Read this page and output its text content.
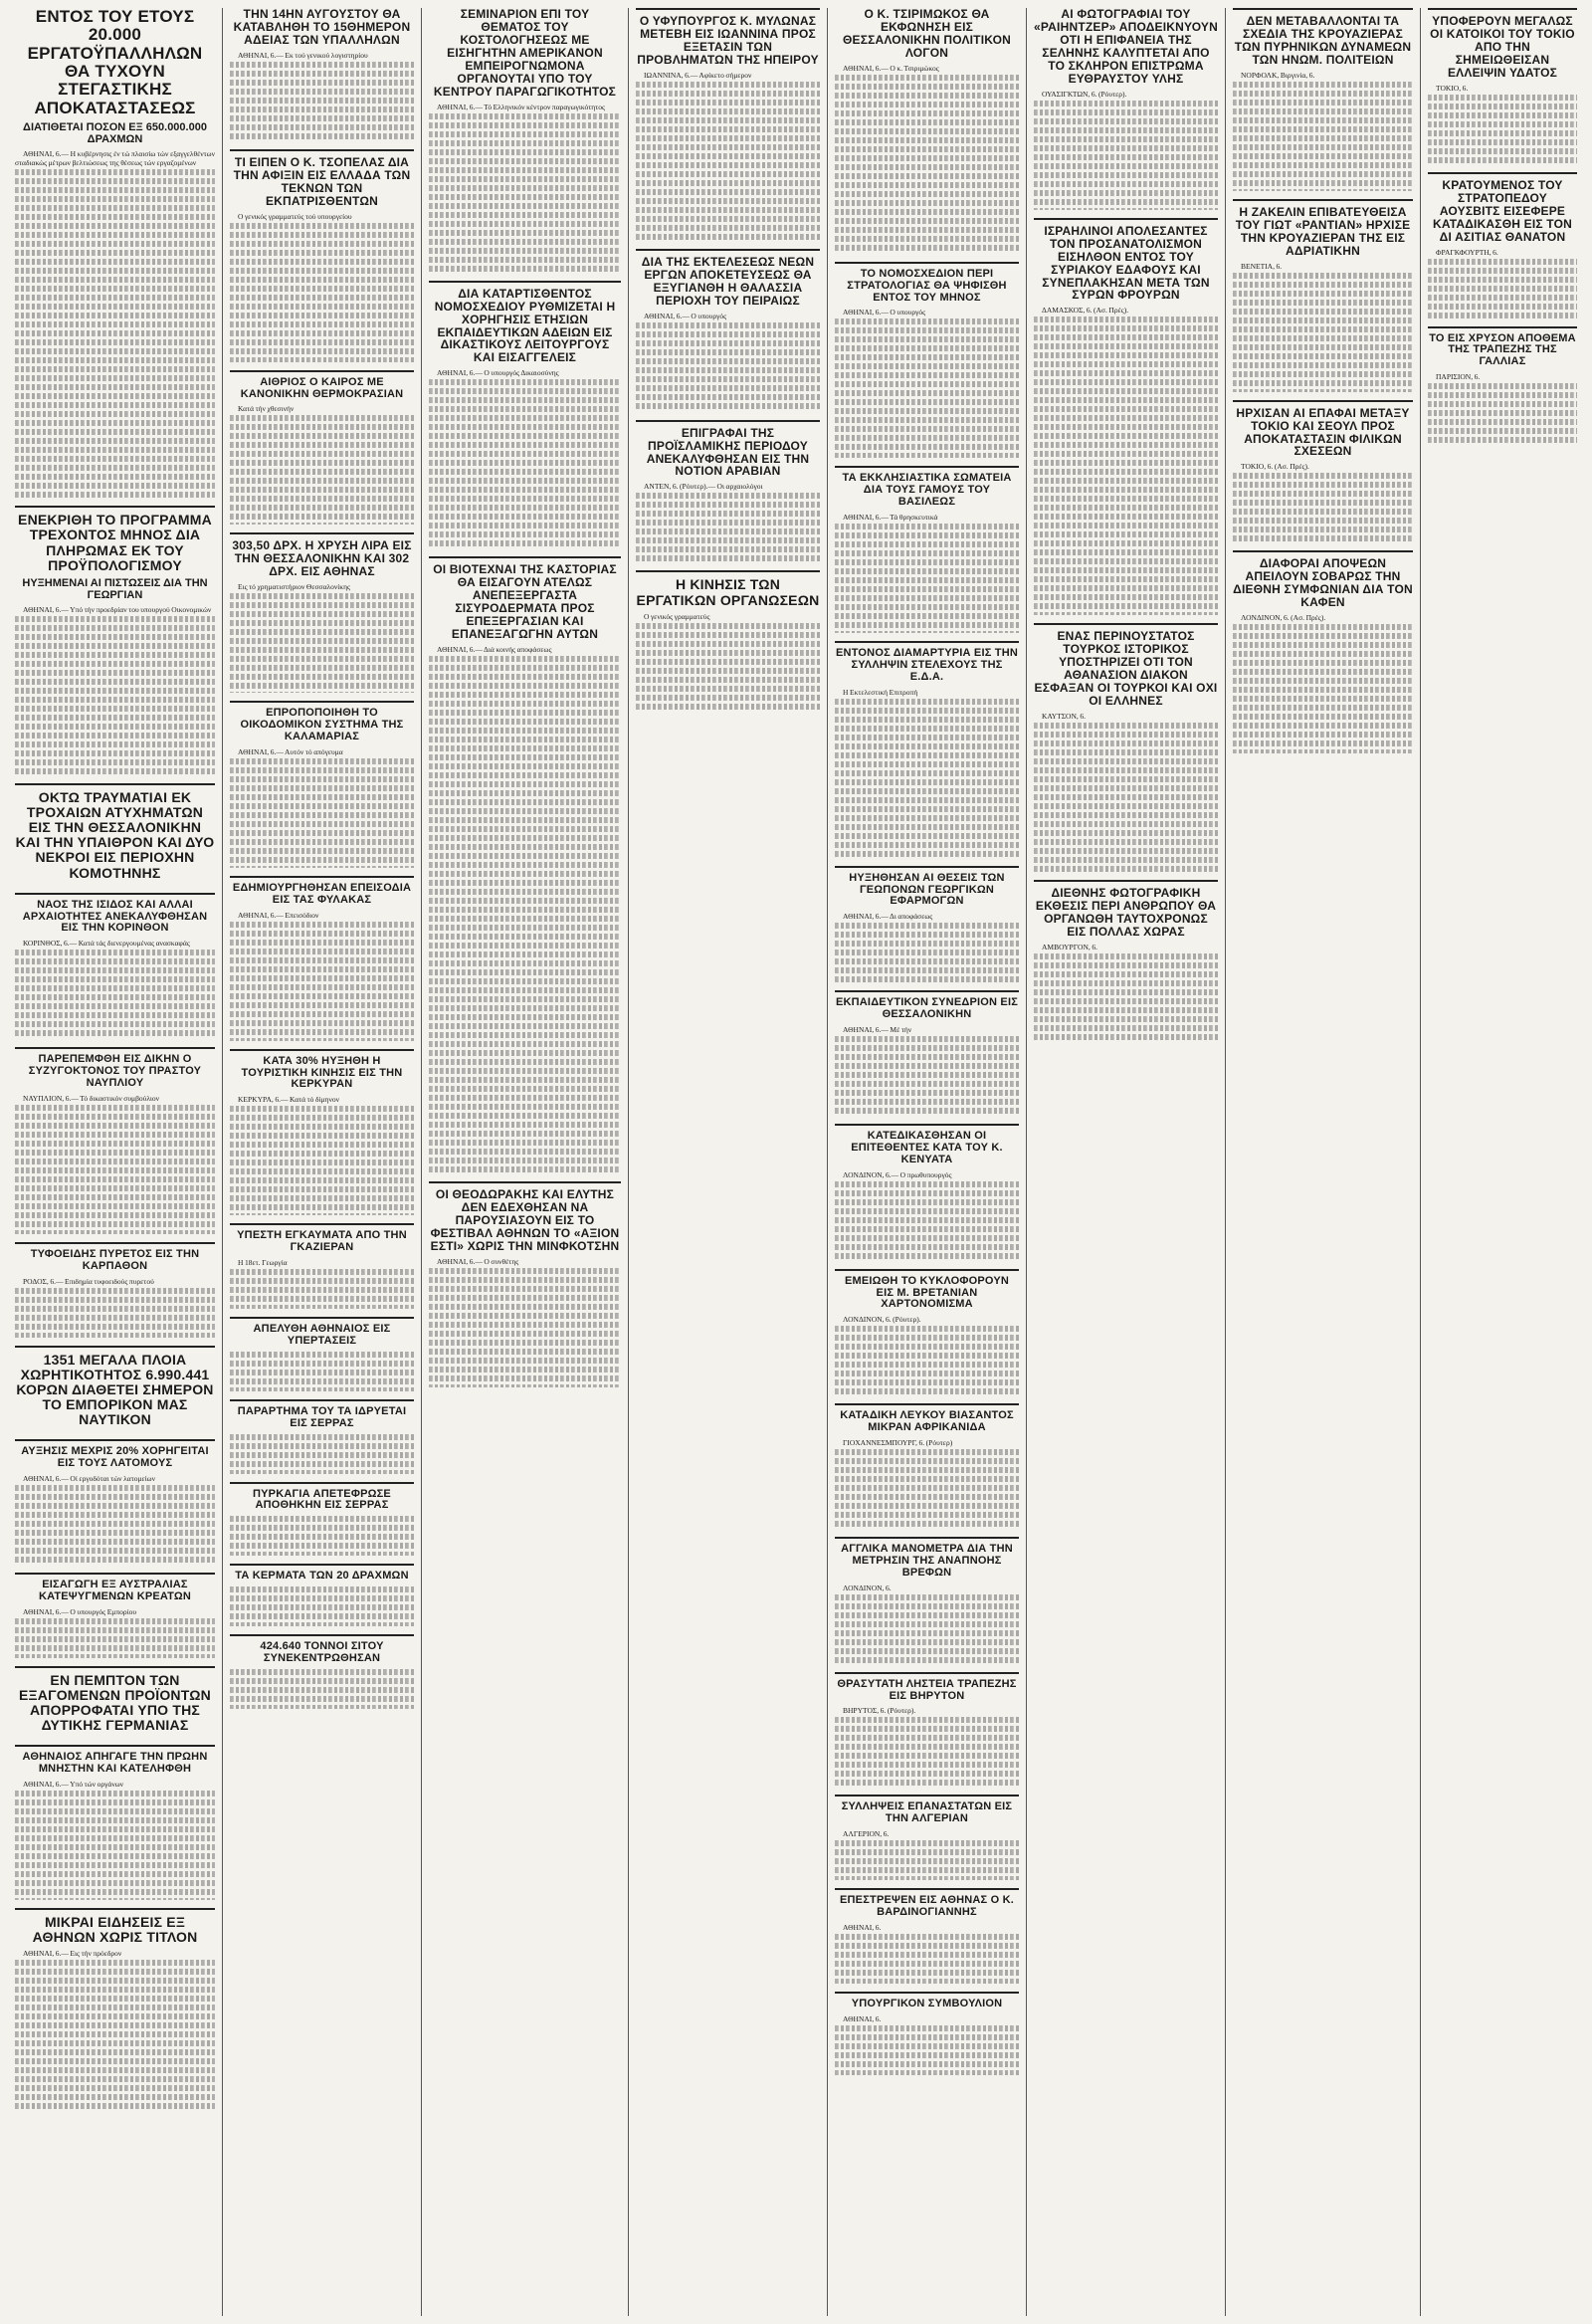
ΕΝΤΟΣ ΤΟΥ ΕΤΟΥΣ 20.000 ΕΡΓΑΤΟΫΠΑΛΛΗΛΩΝ ΘΑ ΤΥΧΟΥΝ ΣΤΕΓΑΣΤΙΚΗΣ ΑΠΟΚΑΤΑΣΤΑΣΕΩΣ
ΔΙΑΤΙΘΕΤΑΙ ΠΟΣΟΝ ΕΞ 650.000.000 ΔΡΑΧΜΩΝ
ΑΘΗΝΑΙ, 6.— Η κυβέρνησις έν τώ πλαισίω τών εξαγγελθέντων σταδιακώς μέτρων βελτιώσεως της θέσεως τών εργαζομένων
ΕΝΕΚΡΙΘΗ ΤΟ ΠΡΟΓΡΑΜΜΑ ΤΡΕΧΟΝΤΟΣ ΜΗΝΟΣ ΔΙΑ ΠΛΗΡΩΜΑΣ ΕΚ ΤΟΥ ΠΡΟΫΠΟΛΟΓΙΣΜΟΥ
ΗΥΞΗΜΕΝΑΙ ΑΙ ΠΙΣΤΩΣΕΙΣ ΔΙΑ ΤΗΝ ΓΕΩΡΓΙΑΝ
ΑΘΗΝΑΙ, 6.— Υπό τήν προεδρίαν του υπουργού Οικονομικών
ΟΚΤΩ ΤΡΑΥΜΑΤΙΑΙ ΕΚ ΤΡΟΧΑΙΩΝ ΑΤΥΧΗΜΑΤΩΝ ΕΙΣ ΤΗΝ ΘΕΣΣΑΛΟΝΙΚΗΝ ΚΑΙ ΤΗΝ ΥΠΑΙΘΡΟΝ ΚΑΙ ΔΥΟ ΝΕΚΡΟΙ ΕΙΣ ΠΕΡΙΟΧΗΝ ΚΟΜΟΤΗΝΗΣ
ΝΑΟΣ ΤΗΣ ΙΣΙΔΟΣ ΚΑΙ ΑΛΛΑΙ ΑΡΧΑΙΟΤΗΤΕΣ ΑΝΕΚΑΛΥΦΘΗΣΑΝ ΕΙΣ ΤΗΝ ΚΟΡΙΝΘΟΝ
ΚΟΡΙΝΘΟΣ, 6.— Κατά τάς διενεργουμένας ανασκαφάς
ΠΑΡΕΠΕΜΦΘΗ ΕΙΣ ΔΙΚΗΝ Ο ΣΥΖΥΓΟΚΤΟΝΟΣ ΤΟΥ ΠΡΑΣΤΟΥ ΝΑΥΠΛΙΟΥ
ΝΑΥΠΛΙΟΝ, 6.— Τό δικαστικόν συμβούλιον
ΤΥΦΟΕΙΔΗΣ ΠΥΡΕΤΟΣ ΕΙΣ ΤΗΝ ΚΑΡΠΑΘΟΝ
ΡΟΔΟΣ, 6.— Επιδημία τυφοειδούς πυρετού
1351 ΜΕΓΑΛΑ ΠΛΟΙΑ ΧΩΡΗΤΙΚΟΤΗΤΟΣ 6.990.441 ΚΟΡΩΝ ΔΙΑΘΕΤΕΙ ΣΗΜΕΡΟΝ ΤΟ ΕΜΠΟΡΙΚΟΝ ΜΑΣ ΝΑΥΤΙΚΟΝ
ΑΥΞΗΣΙΣ ΜΕΧΡΙΣ 20% ΧΟΡΗΓΕΙΤΑΙ ΕΙΣ ΤΟΥΣ ΛΑΤΟΜΟΥΣ
ΑΘΗΝΑΙ, 6.— Οί εργοδόται τών λατομείων
ΕΙΣΑΓΩΓΗ ΕΞ ΑΥΣΤΡΑΛΙΑΣ ΚΑΤΕΨΥΓΜΕΝΩΝ ΚΡΕΑΤΩΝ
ΑΘΗΝΑΙ, 6.— Ο υπουργός Εμπορίου
ΕΝ ΠΕΜΠΤΟΝ ΤΩΝ ΕΞΑΓΟΜΕΝΩΝ ΠΡΟΪΟΝΤΩΝ ΑΠΟΡΡΟΦΑΤΑΙ ΥΠΟ ΤΗΣ ΔΥΤΙΚΗΣ ΓΕΡΜΑΝΙΑΣ
ΑΘΗΝΑΙΟΣ ΑΠΗΓΑΓΕ ΤΗΝ ΠΡΩΗΝ ΜΝΗΣΤΗΝ ΚΑΙ ΚΑΤΕΛΗΦΘΗ
ΑΘΗΝΑΙ, 6.— Υπό τών οργάνων
ΜΙΚΡΑΙ ΕΙΔΗΣΕΙΣ ΕΞ ΑΘΗΝΩΝ ΧΩΡΙΣ ΤΙΤΛΟΝ
ΑΘΗΝΑΙ, 6.— Εις τήν πρόεδρον
ΤΗΝ 14ΗΝ ΑΥΓΟΥΣΤΟΥ ΘΑ ΚΑΤΑΒΛΗΘΗ ΤΟ 15ΘΗΜΕΡΟΝ ΑΔΕΙΑΣ ΤΩΝ ΥΠΑΛΛΗΛΩΝ
ΑΘΗΝΑΙ, 6.— Εκ τού γενικού λογιστηρίου
ΤΙ ΕΙΠΕΝ Ο Κ. ΤΣΟΠΕΛΑΣ ΔΙΑ ΤΗΝ ΑΦΙΞΙΝ ΕΙΣ ΕΛΛΑΔΑ ΤΩΝ ΤΕΚΝΩΝ ΤΩΝ ΕΚΠΑΤΡΙΣΘΕΝΤΩΝ
Ο γενικός γραμματεύς τού υπουργείου
ΑΙΘΡΙΟΣ Ο ΚΑΙΡΟΣ ΜΕ ΚΑΝΟΝΙΚΗΝ ΘΕΡΜΟΚΡΑΣΙΑΝ
Κατά τήν χθεσινήν
303,50 ΔΡΧ. Η ΧΡΥΣΗ ΛΙΡΑ ΕΙΣ ΤΗΝ ΘΕΣΣΑΛΟΝΙΚΗΝ ΚΑΙ 302 ΔΡΧ. ΕΙΣ ΑΘΗΝΑΣ
Εις τό χρηματιστήριον Θεσσαλονίκης
ΕΠΡΟΠΟΠΟΙΗΘΗ ΤΟ ΟΙΚΟΔΟΜΙΚΟΝ ΣΥΣΤΗΜΑ ΤΗΣ ΚΑΛΑΜΑΡΙΑΣ
ΑΘΗΝΑΙ, 6.— Αυτόν τό απόγευμα
ΕΔΗΜΙΟΥΡΓΗΘΗΣΑΝ ΕΠΕΙΣΟΔΙΑ ΕΙΣ ΤΑΣ ΦΥΛΑΚΑΣ
ΑΘΗΝΑΙ, 6.— Επεισόδιον
ΚΑΤΑ 30% ΗΥΞΗΘΗ Η ΤΟΥΡΙΣΤΙΚΗ ΚΙΝΗΣΙΣ ΕΙΣ ΤΗΝ ΚΕΡΚΥΡΑΝ
ΚΕΡΚΥΡΑ, 6.— Κατά τό δίμηνον
ΥΠΕΣΤΗ ΕΓΚΑΥΜΑΤΑ ΑΠΟ ΤΗΝ ΓΚΑΖΙΕΡΑΝ
Η 18ετ. Γεωργία
ΑΠΕΛΥΘΗ ΑΘΗΝΑΙΟΣ ΕΙΣ ΥΠΕΡΤΑΣΕΙΣ
ΠΑΡΑΡΤΗΜΑ ΤΟΥ ΤΑ ΙΔΡΥΕΤΑΙ ΕΙΣ ΣΕΡΡΑΣ
ΠΥΡΚΑΓΙΑ ΑΠΕΤΕΦΡΩΣΕ ΑΠΟΘΗΚΗΝ ΕΙΣ ΣΕΡΡΑΣ
ΤΑ ΚΕΡΜΑΤΑ ΤΩΝ 20 ΔΡΑΧΜΩΝ
424.640 ΤΟΝΝΟΙ ΣΙΤΟΥ ΣΥΝΕΚΕΝΤΡΩΘΗΣΑΝ
ΣΕΜΙΝΑΡΙΟΝ ΕΠΙ ΤΟΥ ΘΕΜΑΤΟΣ ΤΟΥ ΚΟΣΤΟΛΟΓΗΣΕΩΣ ΜΕ ΕΙΣΗΓΗΤΗΝ ΑΜΕΡΙΚΑΝΟΝ ΕΜΠΕΙΡΟΓΝΩΜΟΝΑ ΟΡΓΑΝΟΥΤΑΙ ΥΠΟ ΤΟΥ ΚΕΝΤΡΟΥ ΠΑΡΑΓΩΓΙΚΟΤΗΤΟΣ
ΑΘΗΝΑΙ, 6.— Τό Ελληνικόν κέντρον παραγωγικότητος
ΔΙΑ ΚΑΤΑΡΤΙΣΘΕΝΤΟΣ ΝΟΜΟΣΧΕΔΙΟΥ ΡΥΘΜΙΖΕΤΑΙ Η ΧΟΡΗΓΗΣΙΣ ΕΤΗΣΙΩΝ ΕΚΠΑΙΔΕΥΤΙΚΩΝ ΑΔΕΙΩΝ ΕΙΣ ΔΙΚΑΣΤΙΚΟΥΣ ΛΕΙΤΟΥΡΓΟΥΣ ΚΑΙ ΕΙΣΑΓΓΕΛΕΙΣ
ΑΘΗΝΑΙ, 6.— Ο υπουργός Δικαιοσύνης
ΟΙ ΒΙΟΤΕΧΝΑΙ ΤΗΣ ΚΑΣΤΟΡΙΑΣ ΘΑ ΕΙΣΑΓΟΥΝ ΑΤΕΛΩΣ ΑΝΕΠΕΞΕΡΓΑΣΤΑ ΣΙΣΥΡΟΔΕΡΜΑΤΑ ΠΡΟΣ ΕΠΕΞΕΡΓΑΣΙΑΝ ΚΑΙ ΕΠΑΝΕΞΑΓΩΓΗΝ ΑΥΤΩΝ
ΑΘΗΝΑΙ, 6.— Διά κοινής αποφάσεως
ΟΙ ΘΕΟΔΩΡΑΚΗΣ ΚΑΙ ΕΛΥΤΗΣ ΔΕΝ ΕΔΕΧΘΗΣΑΝ ΝΑ ΠΑΡΟΥΣΙΑΣΟΥΝ ΕΙΣ ΤΟ ΦΕΣΤΙΒΑΛ ΑΘΗΝΩΝ ΤΟ «ΑΞΙΟΝ ΕΣΤΙ» ΧΩΡΙΣ ΤΗΝ ΜΙΝΦΚΟΤΣΗΝ
ΑΘΗΝΑΙ, 6.— Ο συνθέτης
Ο ΥΦΥΠΟΥΡΓΟΣ Κ. ΜΥΛΩΝΑΣ ΜΕΤΕΒΗ ΕΙΣ ΙΩΑΝΝΙΝΑ ΠΡΟΣ ΕΞΕΤΑΣΙΝ ΤΩΝ ΠΡΟΒΛΗΜΑΤΩΝ ΤΗΣ ΗΠΕΙΡΟΥ
ΙΩΑΝΝΙΝΑ, 6.— Αφίκετο σήμερον
ΔΙΑ ΤΗΣ ΕΚΤΕΛΕΣΕΩΣ ΝΕΩΝ ΕΡΓΩΝ ΑΠΟΚΕΤΕΥΣΕΩΣ ΘΑ ΕΞΥΓΙΑΝΘΗ Η ΘΑΛΑΣΣΙΑ ΠΕΡΙΟΧΗ ΤΟΥ ΠΕΙΡΑΙΩΣ
ΑΘΗΝΑΙ, 6.— Ο υπουργός
ΕΠΙΓΡΑΦΑΙ ΤΗΣ ΠΡΟΪΣΛΑΜΙΚΗΣ ΠΕΡΙΟΔΟΥ ΑΝΕΚΑΛΥΦΘΗΣΑΝ ΕΙΣ ΤΗΝ ΝΟΤΙΟΝ ΑΡΑΒΙΑΝ
ΑΝΤΕΝ, 6. (Ρόυτερ).— Οι αρχαιολόγοι
Η ΚΙΝΗΣΙΣ ΤΩΝ ΕΡΓΑΤΙΚΩΝ ΟΡΓΑΝΩΣΕΩΝ
Ο γενικός γραμματεύς
Ο Κ. ΤΣΙΡΙΜΩΚΟΣ ΘΑ ΕΚΦΩΝΗΣΗ ΕΙΣ ΘΕΣΣΑΛΟΝΙΚΗΝ ΠΟΛΙΤΙΚΟΝ ΛΟΓΟΝ
ΑΘΗΝΑΙ, 6.— Ο κ. Τσιριμώκος
ΤΟ ΝΟΜΟΣΧΕΔΙΟΝ ΠΕΡΙ ΣΤΡΑΤΟΛΟΓΙΑΣ ΘΑ ΨΗΦΙΣΘΗ ΕΝΤΟΣ ΤΟΥ ΜΗΝΟΣ
ΑΘΗΝΑΙ, 6.— Ο υπουργός
ΤΑ ΕΚΚΛΗΣΙΑΣΤΙΚΑ ΣΩΜΑΤΕΙΑ ΔΙΑ ΤΟΥΣ ΓΑΜΟΥΣ ΤΟΥ ΒΑΣΙΛΕΩΣ
ΑΘΗΝΑΙ, 6.— Τά θρησκευτικά
ΕΝΤΟΝΟΣ ΔΙΑΜΑΡΤΥΡΙΑ ΕΙΣ ΤΗΝ ΣΥΛΛΗΨΙΝ ΣΤΕΛΕΧΟΥΣ ΤΗΣ Ε.Δ.Α.
Η Εκτελεστική Επιτροπή
ΗΥΞΗΘΗΣΑΝ ΑΙ ΘΕΣΕΙΣ ΤΩΝ ΓΕΩΠΟΝΩΝ ΓΕΩΡΓΙΚΩΝ ΕΦΑΡΜΟΓΩΝ
ΑΘΗΝΑΙ, 6.— Δι αποφάσεως
ΕΚΠΑΙΔΕΥΤΙΚΟΝ ΣΥΝΕΔΡΙΟΝ ΕΙΣ ΘΕΣΣΑΛΟΝΙΚΗΝ
ΑΘΗΝΑΙ, 6.— Μέ τήν
ΚΑΤΕΔΙΚΑΣΘΗΣΑΝ ΟΙ ΕΠΙΤΕΘΕΝΤΕΣ ΚΑΤΑ ΤΟΥ Κ. ΚΕΝΥΑΤΑ
ΛΟΝΔΙΝΟΝ, 6.— Ο πρωθυπουργός
ΕΜΕΙΩΘΗ ΤΟ ΚΥΚΛΟΦΟΡΟΥΝ ΕΙΣ Μ. ΒΡΕΤΑΝΙΑΝ ΧΑΡΤΟΝΟΜΙΣΜΑ
ΛΟΝΔΙΝΟΝ, 6. (Ρόυτερ).
ΚΑΤΑΔΙΚΗ ΛΕΥΚΟΥ ΒΙΑΣΑΝΤΟΣ ΜΙΚΡΑΝ ΑΦΡΙΚΑΝΙΔΑ
ΓΙΟΧΑΝΝΕΣΜΠΟΥΡΓ, 6. (Ρόυτερ)
ΑΓΓΛΙΚΑ ΜΑΝΟΜΕΤΡΑ ΔΙΑ ΤΗΝ ΜΕΤΡΗΣΙΝ ΤΗΣ ΑΝΑΠΝΟΗΣ ΒΡΕΦΩΝ
ΛΟΝΔΙΝΟΝ, 6.
ΘΡΑΣΥΤΑΤΗ ΛΗΣΤΕΙΑ ΤΡΑΠΕΖΗΣ ΕΙΣ ΒΗΡΥΤΟΝ
ΒΗΡΥΤΟΣ, 6. (Ρόυτερ).
ΣΥΛΛΗΨΕΙΣ ΕΠΑΝΑΣΤΑΤΩΝ ΕΙΣ ΤΗΝ ΑΛΓΕΡΙΑΝ
ΑΛΓΕΡΙΟΝ, 6.
ΕΠΕΣΤΡΕΨΕΝ ΕΙΣ ΑΘΗΝΑΣ Ο Κ. ΒΑΡΔΙΝΟΓΙΑΝΝΗΣ
ΑΘΗΝΑΙ, 6.
ΥΠΟΥΡΓΙΚΟΝ ΣΥΜΒΟΥΛΙΟΝ
ΑΘΗΝΑΙ, 6.
ΑΙ ΦΩΤΟΓΡΑΦΙΑΙ ΤΟΥ «ΡΑΙΗΝΤΖΕΡ» ΑΠΟΔΕΙΚΝΥΟΥΝ ΟΤΙ Η ΕΠΙΦΑΝΕΙΑ ΤΗΣ ΣΕΛΗΝΗΣ ΚΑΛΥΠΤΕΤΑΙ ΑΠΟ ΤΟ ΣΚΛΗΡΟΝ ΕΠΙΣΤΡΩΜΑ ΕΥΘΡΑΥΣΤΟΥ ΥΛΗΣ
ΟΥΑΣΙΓΚΤΩΝ, 6. (Ρόυτερ).
ΙΣΡΑΗΛΙΝΟΙ ΑΠΟΛΕΣΑΝΤΕΣ ΤΟΝ ΠΡΟΣΑΝΑΤΟΛΙΣΜΟΝ ΕΙΣΗΛΘΟΝ ΕΝΤΟΣ ΤΟΥ ΣΥΡΙΑΚΟΥ ΕΔΑΦΟΥΣ ΚΑΙ ΣΥΝΕΠΛΑΚΗΣΑΝ ΜΕΤΑ ΤΩΝ ΣΥΡΩΝ ΦΡΟΥΡΩΝ
ΔΑΜΑΣΚΟΣ, 6. (Ασ. Πρές).
ΕΝΑΣ ΠΕΡΙΝΟΥΣΤΑΤΟΣ ΤΟΥΡΚΟΣ ΙΣΤΟΡΙΚΟΣ ΥΠΟΣΤΗΡΙΖΕΙ ΟΤΙ ΤΟΝ ΑΘΑΝΑΣΙΟΝ ΔΙΑΚΟΝ ΕΣΦΑΞΑΝ ΟΙ ΤΟΥΡΚΟΙ ΚΑΙ ΟΧΙ ΟΙ ΕΛΛΗΝΕΣ
ΚΑΥΤΣΟΝ, 6.
ΔΙΕΘΝΗΣ ΦΩΤΟΓΡΑΦΙΚΗ ΕΚΘΕΣΙΣ ΠΕΡΙ ΑΝΘΡΩΠΟΥ ΘΑ ΟΡΓΑΝΩΘΗ ΤΑΥΤΟΧΡΟΝΩΣ ΕΙΣ ΠΟΛΛΑΣ ΧΩΡΑΣ
ΑΜΒΟΥΡΓΟΝ, 6.
ΔΕΝ ΜΕΤΑΒΑΛΛΟΝΤΑΙ ΤΑ ΣΧΕΔΙΑ ΤΗΣ ΚΡΟΥΑΖΙΕΡΑΣ ΤΩΝ ΠΥΡΗΝΙΚΩΝ ΔΥΝΑΜΕΩΝ ΤΩΝ ΗΝΩΜ. ΠΟΛΙΤΕΙΩΝ
ΝΟΡΦΟΛΚ, Βιργινία, 6.
Η ΖΑΚΕΛΙΝ ΕΠΙΒΑΤΕΥΘΕΙΣΑ ΤΟΥ ΓΙΩΤ «ΡΑΝΤΙΑΝ» ΗΡΧΙΣΕ ΤΗΝ ΚΡΟΥΑΖΙΕΡΑΝ ΤΗΣ ΕΙΣ ΑΔΡΙΑΤΙΚΗΝ
ΒΕΝΕΤΙΑ, 6.
ΗΡΧΙΣΑΝ ΑΙ ΕΠΑΦΑΙ ΜΕΤΑΞΥ ΤΟΚΙΟ ΚΑΙ ΣΕΟΥΛ ΠΡΟΣ ΑΠΟΚΑΤΑΣΤΑΣΙΝ ΦΙΛΙΚΩΝ ΣΧΕΣΕΩΝ
ΤΟΚΙΟ, 6. (Ασ. Πρές).
ΔΙΑΦΟΡΑΙ ΑΠΟΨΕΩΝ ΑΠΕΙΛΟΥΝ ΣΟΒΑΡΩΣ ΤΗΝ ΔΙΕΘΝΗ ΣΥΜΦΩΝΙΑΝ ΔΙΑ ΤΟΝ ΚΑΦΕΝ
ΛΟΝΔΙΝΟΝ, 6. (Ασ. Πρές).
ΥΠΟΦΕΡΟΥΝ ΜΕΓΑΛΩΣ ΟΙ ΚΑΤΟΙΚΟΙ ΤΟΥ ΤΟΚΙΟ ΑΠΟ ΤΗΝ ΣΗΜΕΙΩΘΕΙΣΑΝ ΕΛΛΕΙΨΙΝ ΥΔΑΤΟΣ
ΤΟΚΙΟ, 6.
ΚΡΑΤΟΥΜΕΝΟΣ ΤΟΥ ΣΤΡΑΤΟΠΕΔΟΥ ΑΟΥΣΒΙΤΣ ΕΙΣΕΦΕΡΕ ΚΑΤΑΔΙΚΑΣΘΗ ΕΙΣ ΤΟΝ ΔΙ ΑΣΙΤΙΑΣ ΘΑΝΑΤΟΝ
ΦΡΑΓΚΦΟΥΡΤΗ, 6.
ΤΟ ΕΙΣ ΧΡΥΣΟΝ ΑΠΟΘΕΜΑ ΤΗΣ ΤΡΑΠΕΖΗΣ ΤΗΣ ΓΑΛΛΙΑΣ
ΠΑΡΙΣΙΟΝ, 6.
